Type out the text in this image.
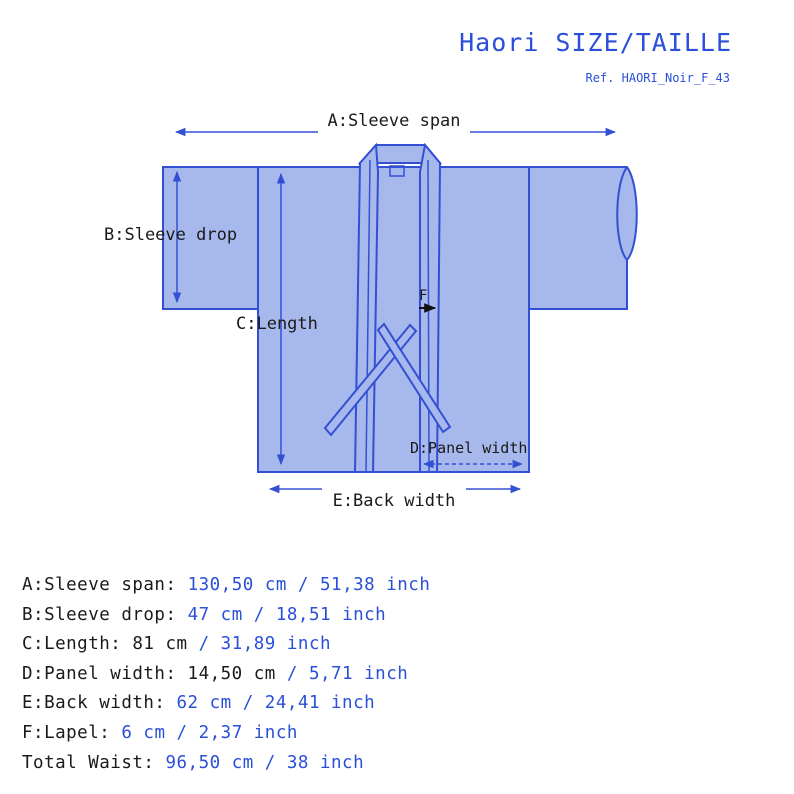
Haori SIZE/TAILLE
Ref. HAORI_Noir_F_43
A:Sleeve span
B:Sleeve drop
C:Length
F
D:Panel width
E:Back width
A:Sleeve span: 130,50 cm / 51,38 inch
B:Sleeve drop: 47 cm / 18,51 inch
C:Length: 81 cm / 31,89 inch
D:Panel width: 14,50 cm / 5,71 inch
E:Back width: 62 cm / 24,41 inch
F:Lapel: 6 cm / 2,37 inch
Total Waist: 96,50 cm / 38 inch
